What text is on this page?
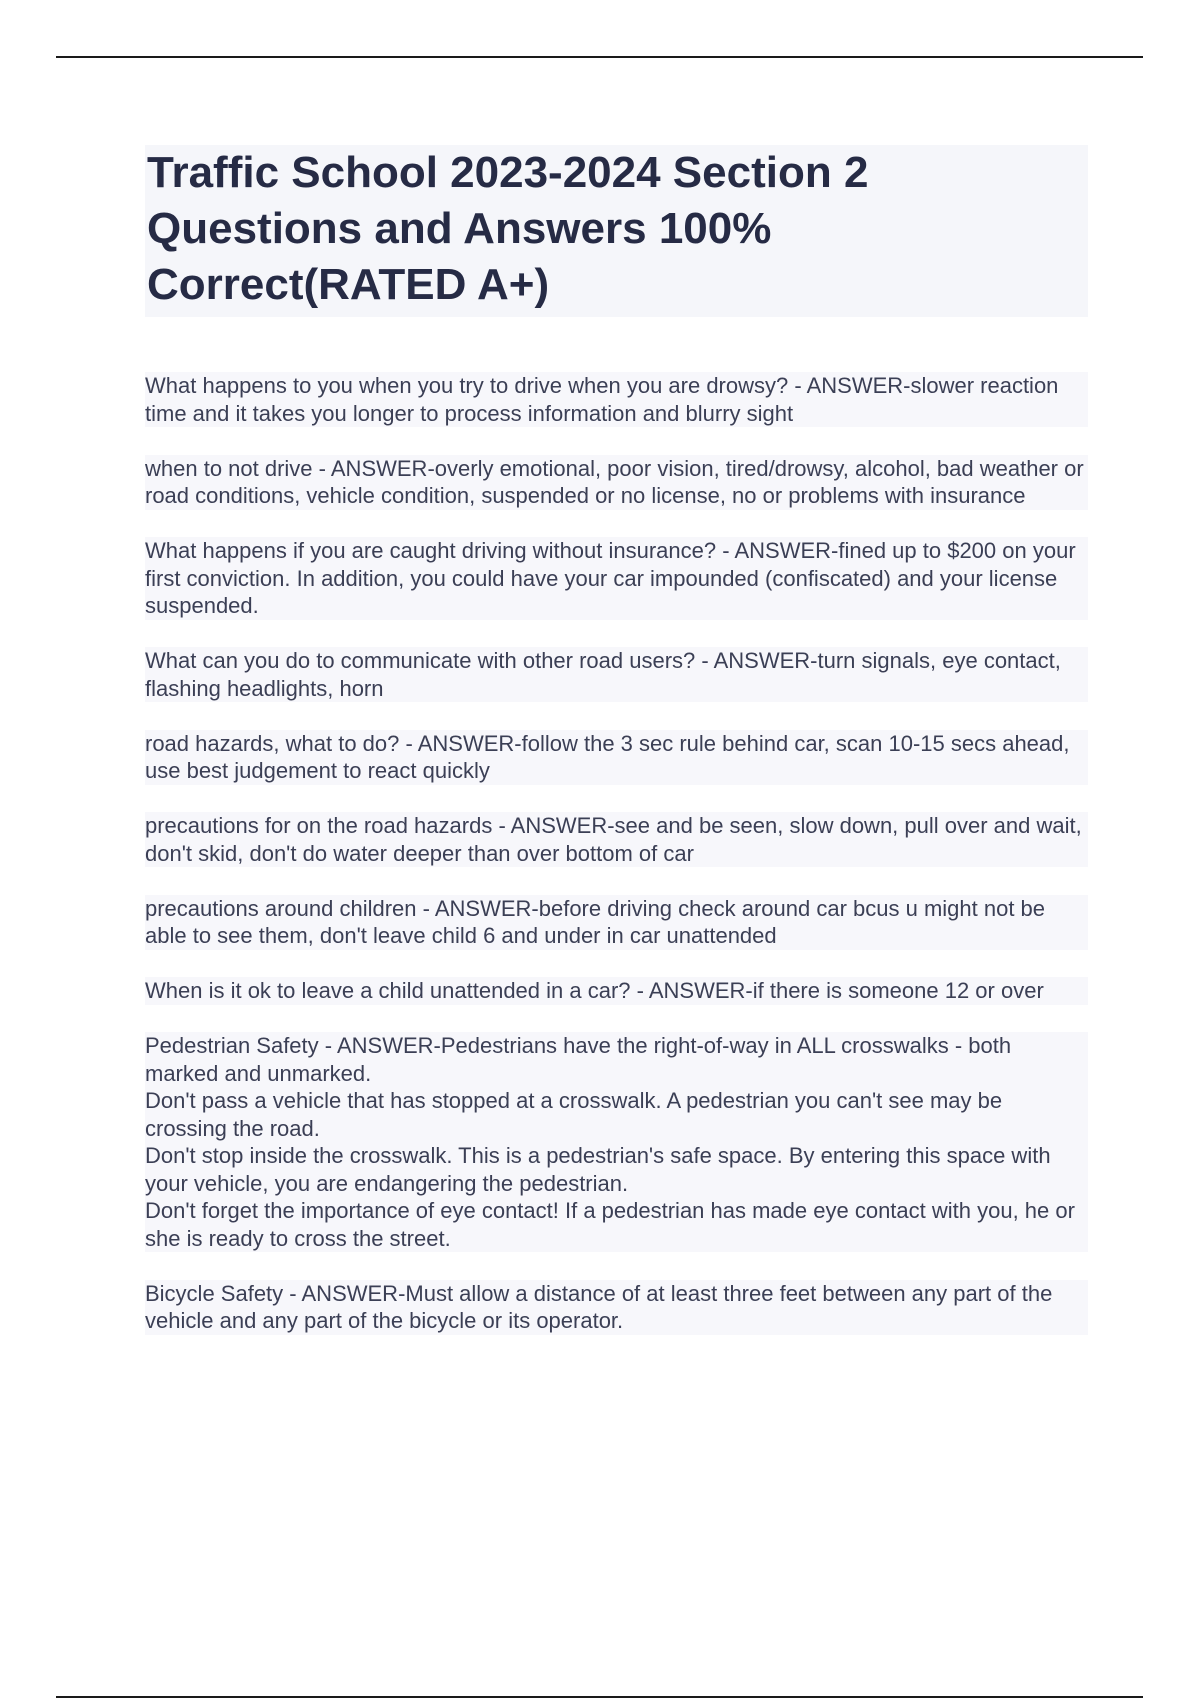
Traffic School 2023-2024 Section 2 Questions and Answers 100% Correct(RATED A+)
What happens to you when you try to drive when you are drowsy? - ANSWER-slower reaction time and it takes you longer to process information and blurry sight
when to not drive - ANSWER-overly emotional, poor vision, tired/drowsy, alcohol, bad weather or road conditions, vehicle condition, suspended or no license, no or problems with insurance
What happens if you are caught driving without insurance? - ANSWER-fined up to $200 on your first conviction. In addition, you could have your car impounded (confiscated) and your license suspended.
What can you do to communicate with other road users? - ANSWER-turn signals, eye contact, flashing headlights, horn
road hazards, what to do? - ANSWER-follow the 3 sec rule behind car, scan 10-15 secs ahead, use best judgement to react quickly
precautions for on the road hazards - ANSWER-see and be seen, slow down, pull over and wait, don't skid, don't do water deeper than over bottom of car
precautions around children - ANSWER-before driving check around car bcus u might not be able to see them, don't leave child 6 and under in car unattended
When is it ok to leave a child unattended in a car? - ANSWER-if there is someone 12 or over
Pedestrian Safety - ANSWER-Pedestrians have the right-of-way in ALL crosswalks - both marked and unmarked.
Don't pass a vehicle that has stopped at a crosswalk. A pedestrian you can't see may be crossing the road.
Don't stop inside the crosswalk. This is a pedestrian's safe space. By entering this space with your vehicle, you are endangering the pedestrian.
Don't forget the importance of eye contact! If a pedestrian has made eye contact with you, he or she is ready to cross the street.
Bicycle Safety - ANSWER-Must allow a distance of at least three feet between any part of the vehicle and any part of the bicycle or its operator.
